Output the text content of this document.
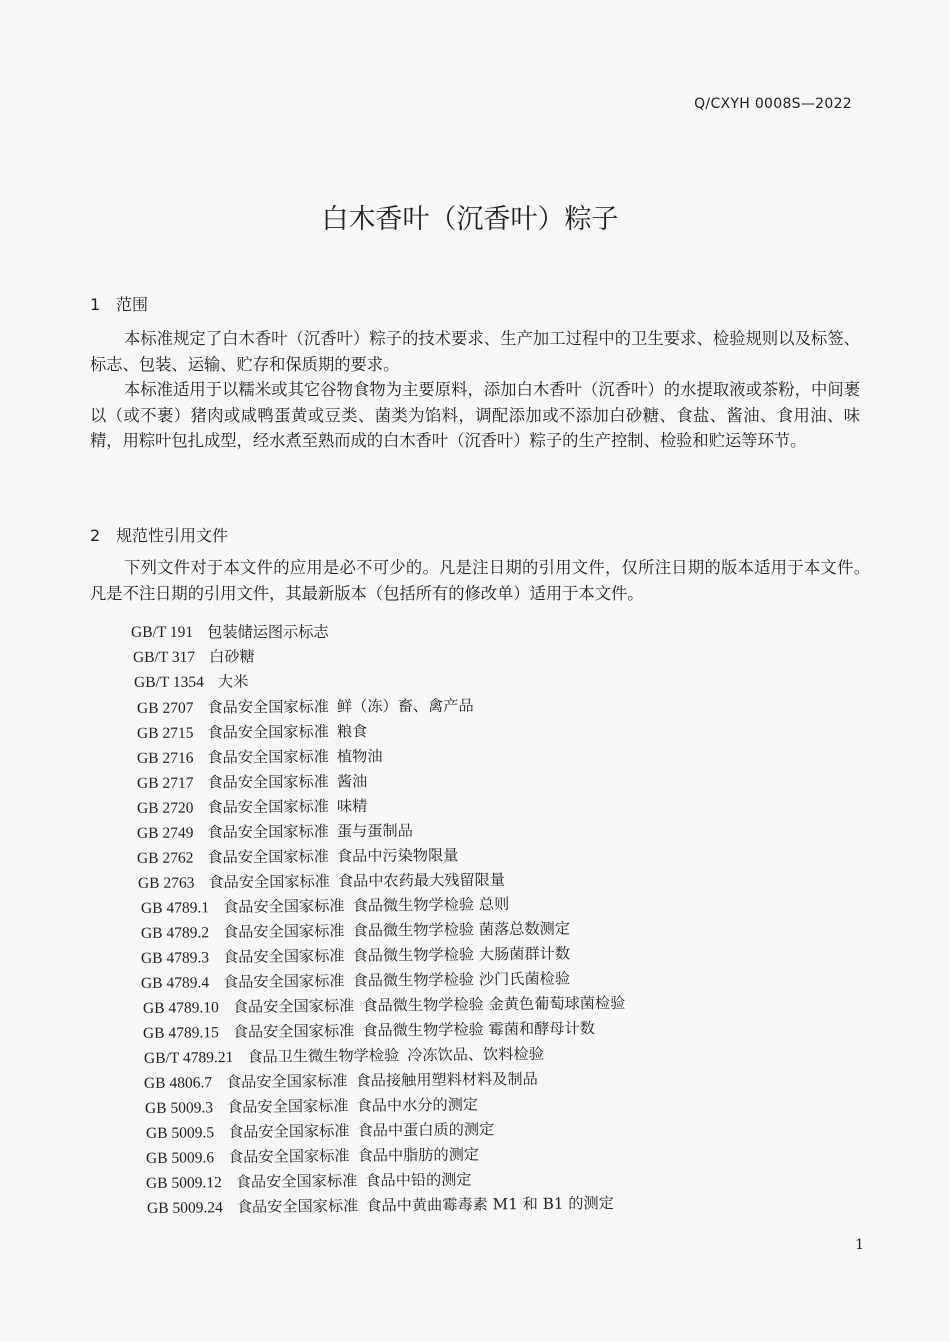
Q/CXYH 0008S—2022
白木香叶（沉香叶）粽子
1 范围

本标准规定了白木香叶（沉香叶）粽子的技术要求、生产加工过程中的卫生要求、检验规则以及标签、标志、包装、运输、贮存和保质期的要求。

本标准适用于以糯米或其它谷物食物为主要原料，添加白木香叶（沉香叶）的水提取液或茶粉，中间裹以（或不裹）猪肉或咸鸭蛋黄或豆类、菌类为馅料，调配添加或不添加白砂糖、食盐、酱油、食用油、味精，用粽叶包扎成型，经水煮至熟而成的白木香叶（沉香叶）粽子的生产控制、检验和贮运等环节。

2 规范性引用文件

下列文件对于本文件的应用是必不可少的。凡是注日期的引用文件，仅所注日期的版本适用于本文件。凡是不注日期的引用文件，其最新版本（包括所有的修改单）适用于本文件。

GB/T 191 包装储运图示标志
GB/T 317 白砂糖
GB/T 1354 大米
GB 2707 食品安全国家标准 鲜（冻）畜、禽产品
GB 2715 食品安全国家标准 粮食
GB 2716 食品安全国家标准 植物油
GB 2717 食品安全国家标准 酱油
GB 2720 食品安全国家标准 味精
GB 2749 食品安全国家标准 蛋与蛋制品
GB 2762 食品安全国家标准 食品中污染物限量
GB 2763 食品安全国家标准 食品中农药最大残留限量
GB 4789.1 食品安全国家标准 食品微生物学检验 总则
GB 4789.2 食品安全国家标准 食品微生物学检验 菌落总数测定
GB 4789.3 食品安全国家标准 食品微生物学检验 大肠菌群计数
GB 4789.4 食品安全国家标准 食品微生物学检验 沙门氏菌检验
GB 4789.10 食品安全国家标准 食品微生物学检验 金黄色葡萄球菌检验
GB 4789.15 食品安全国家标准 食品微生物学检验 霉菌和酵母计数
GB/T 4789.21 食品卫生微生物学检验 冷冻饮品、饮料检验
GB 4806.7 食品安全国家标准 食品接触用塑料材料及制品
GB 5009.3 食品安全国家标准 食品中水分的测定
GB 5009.5 食品安全国家标准 食品中蛋白质的测定
GB 5009.6 食品安全国家标准 食品中脂肪的测定
GB 5009.12 食品安全国家标准 食品中铅的测定
GB 5009.24 食品安全国家标准 食品中黄曲霉毒素 M1 和 B1 的测定
1
